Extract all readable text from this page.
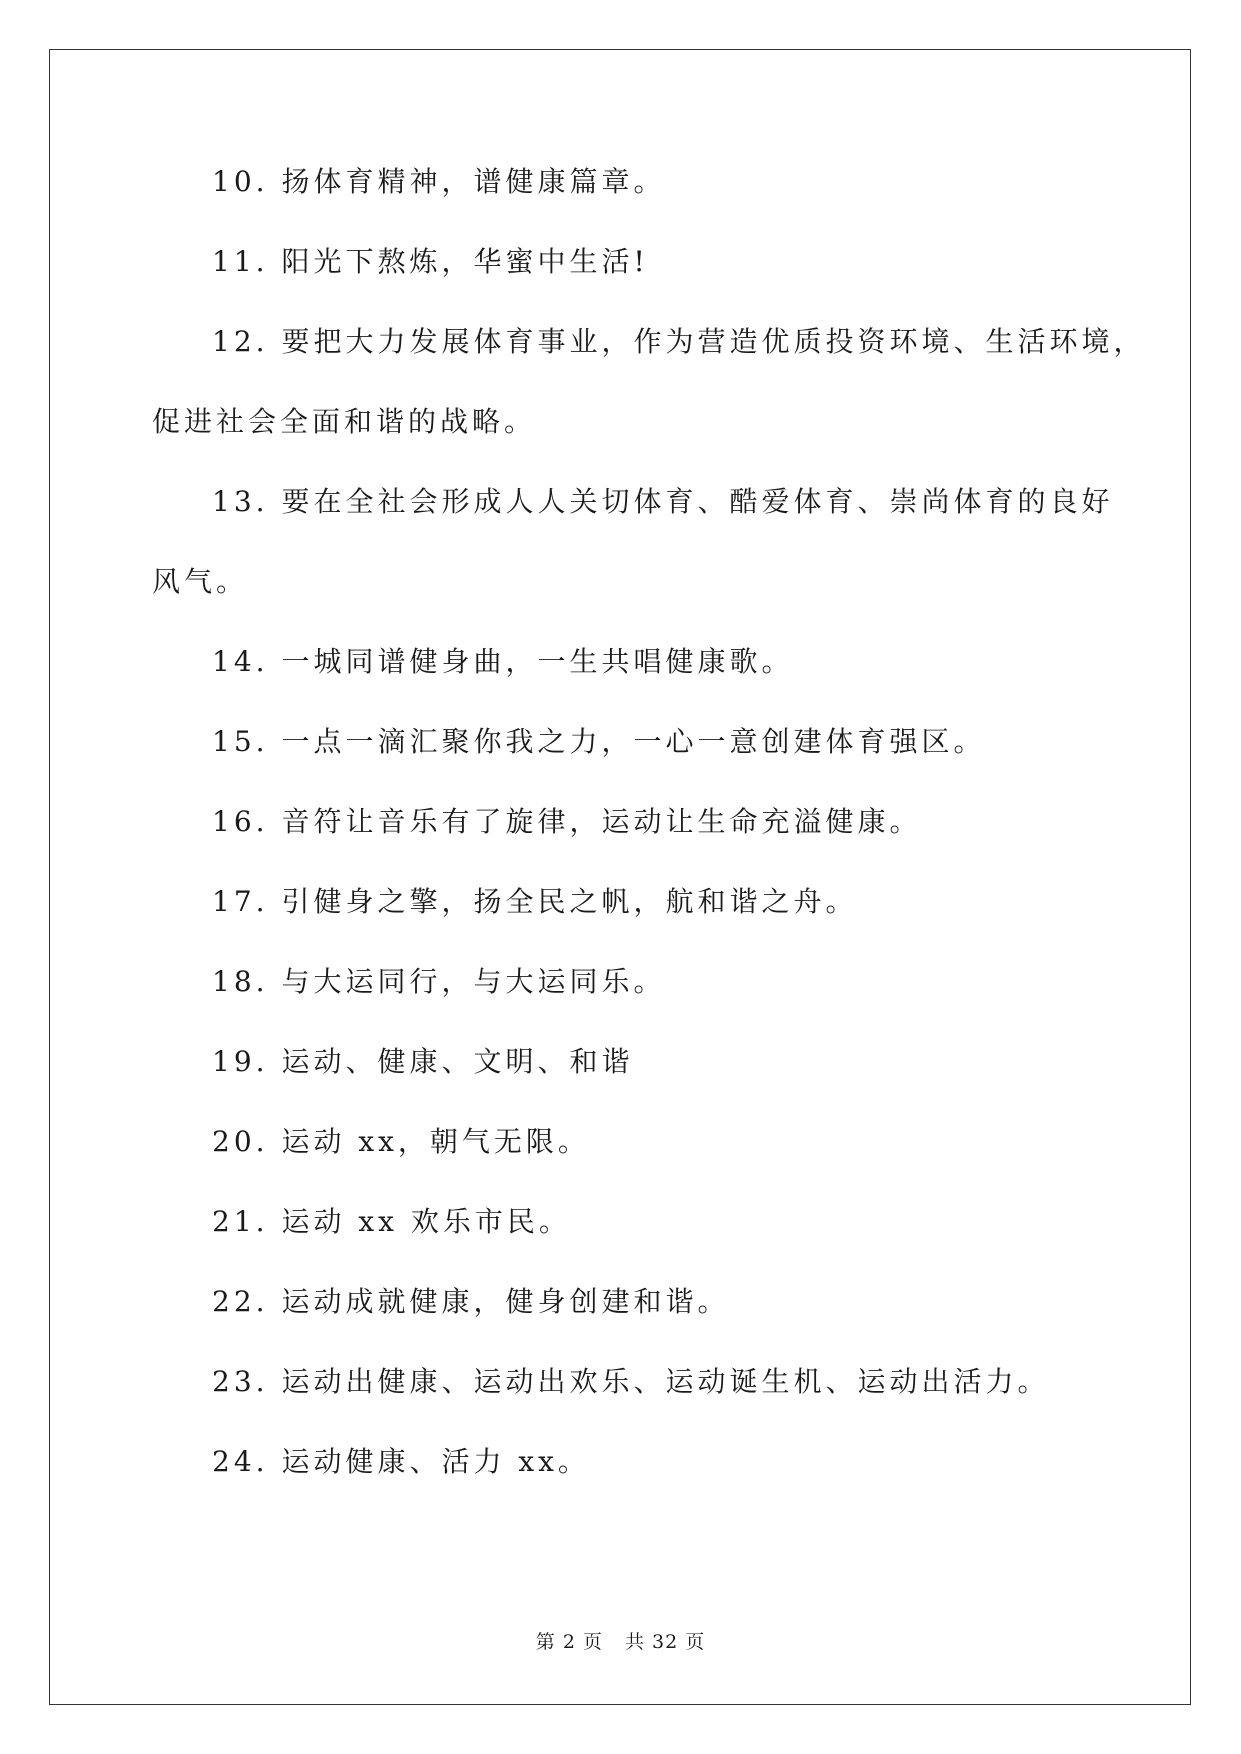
10. 扬体育精神，谱健康篇章。
11. 阳光下熬炼，华蜜中生活!
12. 要把大力发展体育事业，作为营造优质投资环境、生活环境，
促进社会全面和谐的战略。
13. 要在全社会形成人人关切体育、酷爱体育、崇尚体育的良好
风气。
14. 一城同谱健身曲，一生共唱健康歌。
15. 一点一滴汇聚你我之力，一心一意创建体育强区。
16. 音符让音乐有了旋律，运动让生命充溢健康。
17. 引健身之擎，扬全民之帆，航和谐之舟。
18. 与大运同行，与大运同乐。
19. 运动、健康、文明、和谐
20. 运动 xx，朝气无限。
21. 运动 xx 欢乐市民。
22. 运动成就健康，健身创建和谐。
23. 运动出健康、运动出欢乐、运动诞生机、运动出活力。
24. 运动健康、活力 xx。
第 2 页 共 32 页
